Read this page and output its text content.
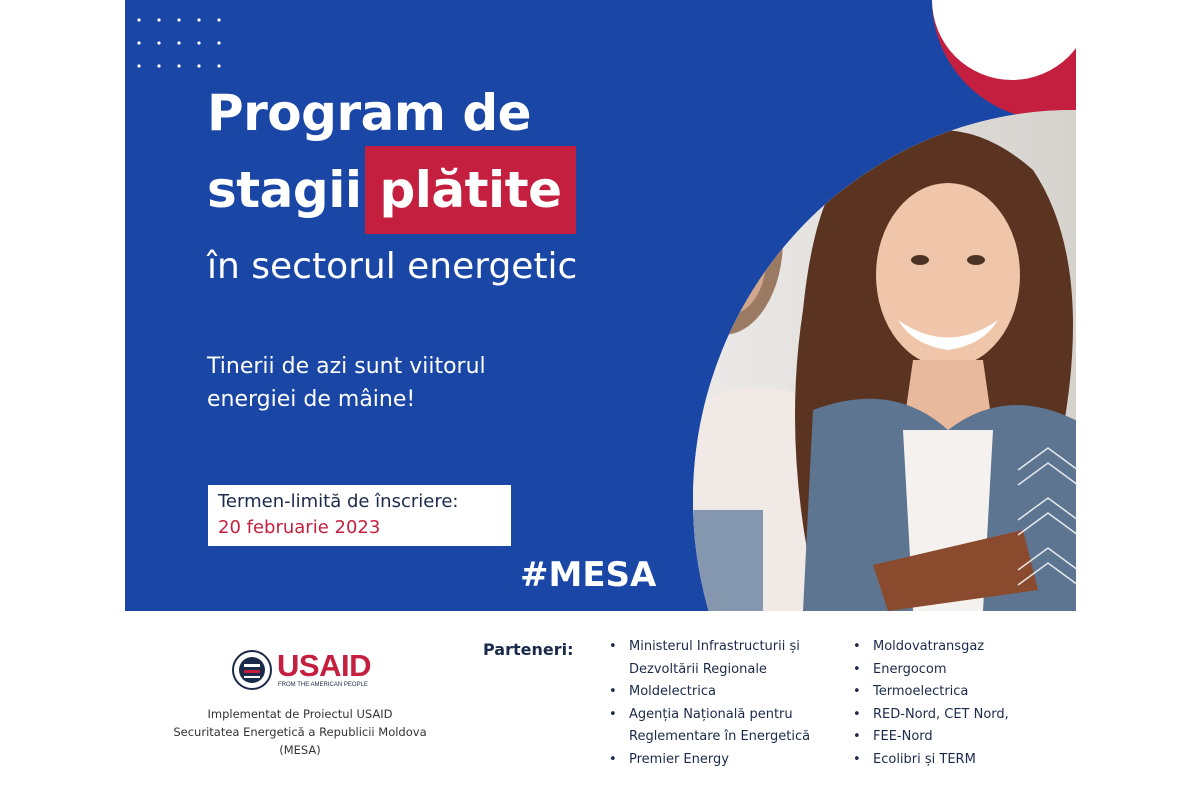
Program de
stagii plătite
în sectorul energetic
Tinerii de azi sunt viitorul
energiei de mâine!
Termen-limită de înscriere:
20 februarie 2023
#MESA
USAID
FROM THE AMERICAN PEOPLE
Implementat de Proiectul USAID
Securitatea Energetică a Republicii Moldova
(MESA)
Parteneri:
•	Ministerul Infrastructurii și
Dezvoltării Regionale
• Moldelectrica
• Agenția Națională pentru
Reglementare în Energetică
• Premier Energy
• Moldovatransgaz
• Energocom
• Termoelectrica
• RED-Nord, CET Nord,
• FEE-Nord
• Ecolibri și TERM
